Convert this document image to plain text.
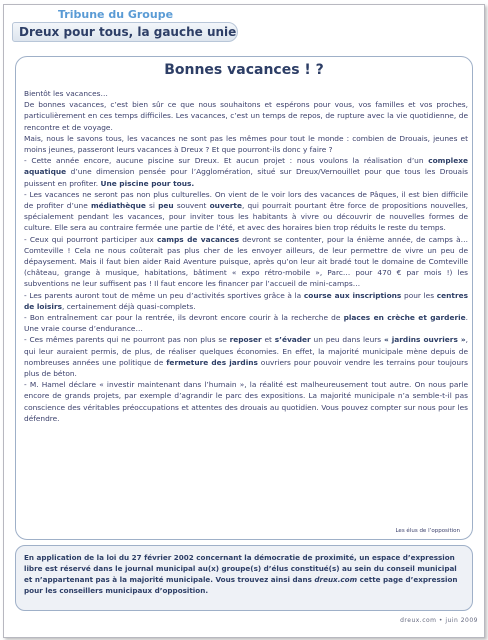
Tribune du Groupe
Dreux pour tous, la gauche unie
Bonnes vacances ! ?

Bientôt les vacances…

De bonnes vacances, c’est bien sûr ce que nous souhaitons et espérons pour vous, vos familles et vos proches, particulièrement en ces temps difficiles. Les vacances, c’est un temps de repos, de rupture avec la vie quotidienne, de rencontre et de voyage.

Mais, nous le savons tous, les vacances ne sont pas les mêmes pour tout le monde : combien de Drouais, jeunes et moins jeunes, passeront leurs vacances à Dreux ? Et que pourront-ils donc y faire ?

- Cette année encore, aucune piscine sur Dreux. Et aucun projet : nous voulons la réalisation d’un complexe aquatique d’une dimension pensée pour l’Agglomération, situé sur Dreux/Vernouillet pour que tous les Drouais puissent en profiter. Une piscine pour tous.

- Les vacances ne seront pas non plus culturelles. On vient de le voir lors des vacances de Pâques, il est bien difficile de profiter d’une médiathèque si peu souvent ouverte, qui pourrait pourtant être force de propositions nouvelles, spécialement pendant les vacances, pour inviter tous les habitants à vivre ou découvrir de nouvelles formes de culture. Elle sera au contraire fermée une partie de l’été, et avec des horaires bien trop réduits le reste du temps.

- Ceux qui pourront participer aux camps de vacances devront se contenter, pour la énième année, de camps à… Comteville ! Cela ne nous coûterait pas plus cher de les envoyer ailleurs, de leur permettre de vivre un peu de dépaysement. Mais il faut bien aider Raid Aventure puisque, après qu’on leur ait bradé tout le domaine de Comteville (château, grange à musique, habitations, bâtiment « expo rétro-mobile », Parc… pour 470 € par mois !) les subventions ne leur suffisent pas ! Il faut encore les financer par l’accueil de mini-camps…

- Les parents auront tout de même un peu d’activités sportives grâce à la course aux inscriptions pour les centres de loisirs, certainement déjà quasi-complets.

- Bon entraînement car pour la rentrée, ils devront encore courir à la recherche de places en crèche et garderie. Une vraie course d’endurance…

- Ces mêmes parents qui ne pourront pas non plus se reposer et s’évader un peu dans leurs « jardins ouvriers », qui leur auraient permis, de plus, de réaliser quelques économies. En effet, la majorité municipale mène depuis de nombreuses années une politique de fermeture des jardins ouvriers pour pouvoir vendre les terrains pour toujours plus de béton.

- M. Hamel déclare « investir maintenant dans l’humain », la réalité est malheureusement tout autre. On nous parle encore de grands projets, par exemple d’agrandir le parc des expositions. La majorité municipale n’a semble-t-il pas conscience des véritables préoccupations et attentes des drouais au quotidien. Vous pouvez compter sur nous pour les défendre.

Les élus de l’opposition
En application de la loi du 27 février 2002 concernant la démocratie de proximité, un espace d’expression libre est réservé dans le journal municipal au(x) groupe(s) d’élus constitué(s) au sein du conseil municipal et n’appartenant pas à la majorité municipale. Vous trouvez ainsi dans dreux.com cette page d’expression pour les conseillers municipaux d’opposition.
dreux.com • juin 2009
